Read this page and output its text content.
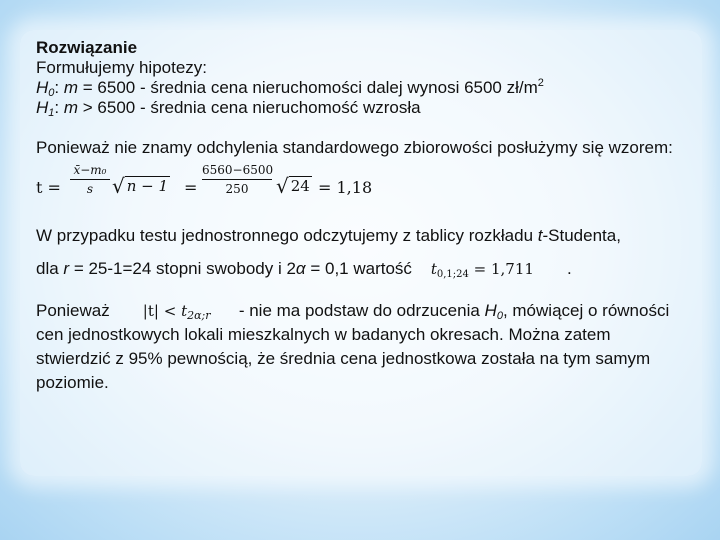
Rozwiązanie

Formułujemy hipotezy:

$H_0$: m = 6500 - średnia cena nieruchomości dalej wynosi 6500 $zł/m^2$

$H_1$: m > 6500 - średnia cena nieruchomość wzrosła

Ponieważ nie znamy odchylenia standardowego zbiorowości posłużymy się wzorem:

t =
x̄−m₀
s √ n − 1 =
6560−6500
250	√ 24 = 1,18

W przypadku testu jednostronnego odczytujemy z tablicy rozkładu t-Studenta,

dla r = 25-1=24 stopni swobody i 2α = 0,1 wartość $t_{0,1;24} = 1,711$ .

Ponieważ $|t| < t_{2\alpha;r}$ - nie ma podstaw do odrzucenia $H_0$, mówiącej o równości

cen jednostkowych lokali mieszkalnych w badanych okresach. Można zatem

stwierdzić z 95% pewnością, że średnia cena jednostkowa została na tym samym

poziomie.
